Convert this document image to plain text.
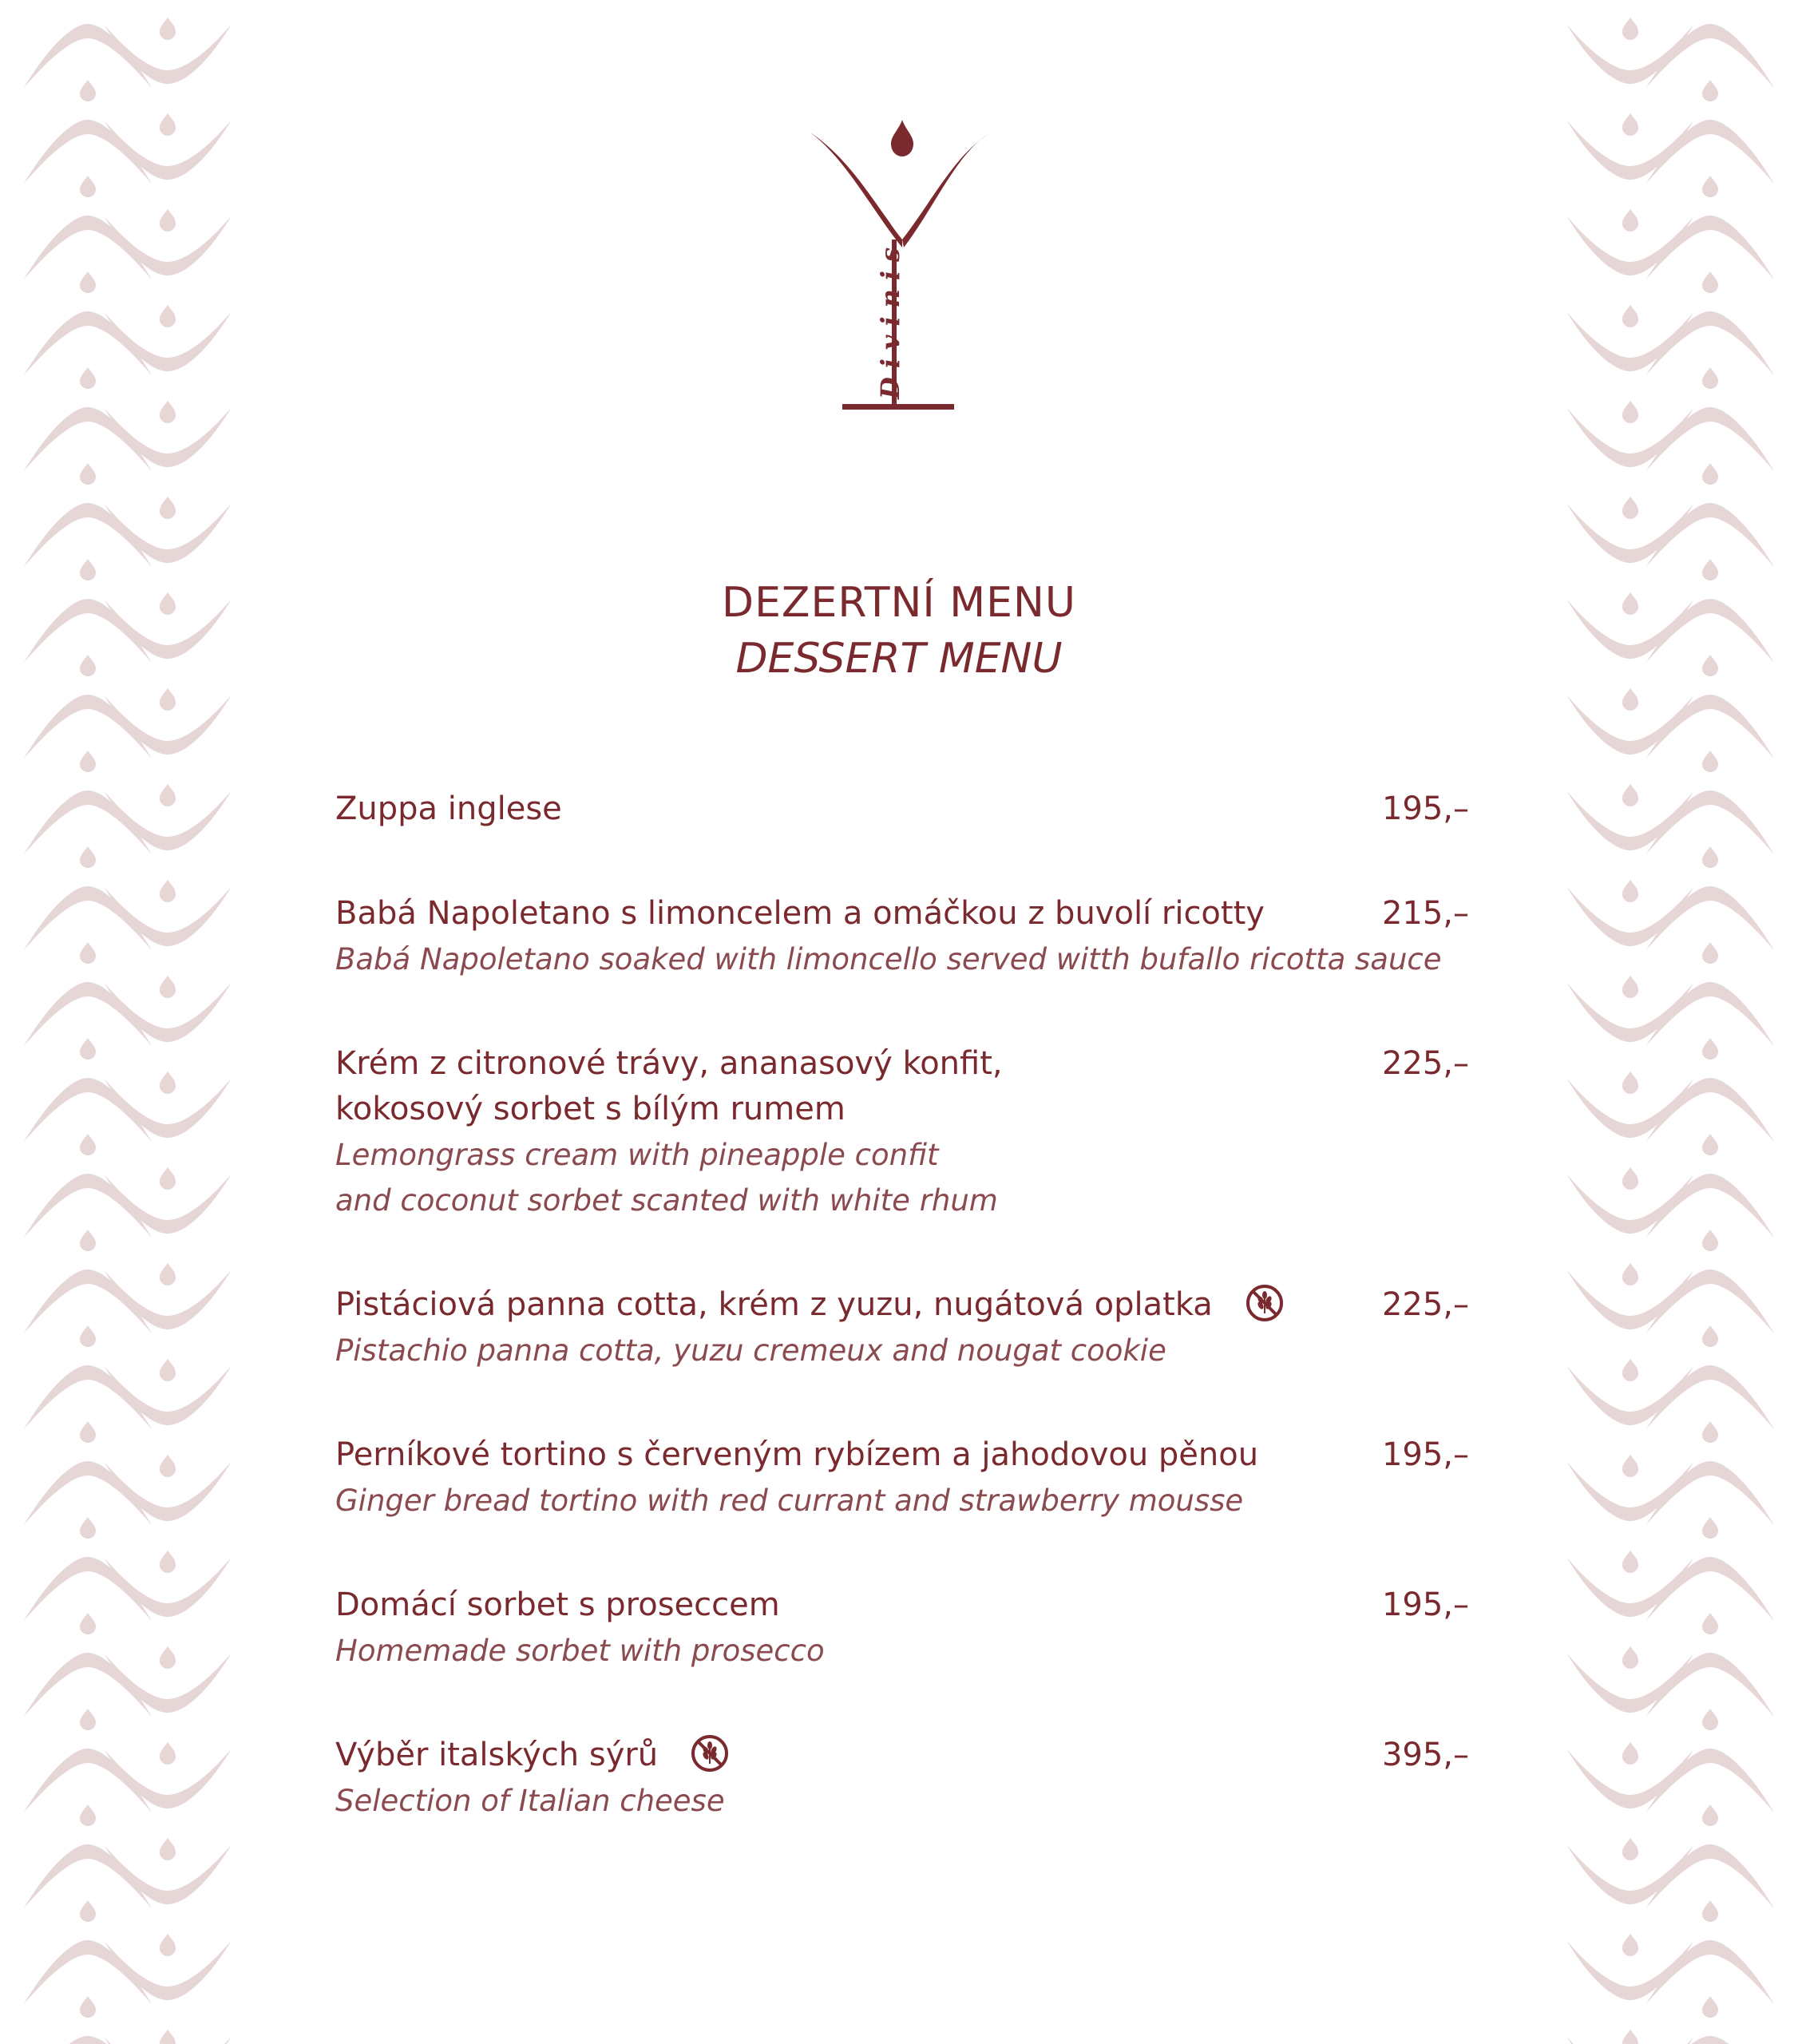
Divinis
DEZERTNÍ MENU
DESSERT MENU
Zuppa inglese	195,–
Babá Napoletano s limoncelem a omáčkou z buvolí ricotty
Babá Napoletano soaked with limoncello served witth bufallo ricotta sauce
215,–
Krém z citronové trávy, ananasový konfit,
kokosový sorbet s bílým rumem
Lemongrass cream with pineapple confit
and coconut sorbet scanted with white rhum
225,–
Pistáciová panna cotta, krém z yuzu, nugátová oplatka
Pistachio panna cotta, yuzu cremeux and nougat cookie
225,–
Perníkové tortino s červeným rybízem a jahodovou pěnou
Ginger bread tortino with red currant and strawberry mousse
195,–
Domácí sorbet s proseccem
Homemade sorbet with prosecco
195,–
Výběr italských sýrů
Selection of Italian cheese
395,–
